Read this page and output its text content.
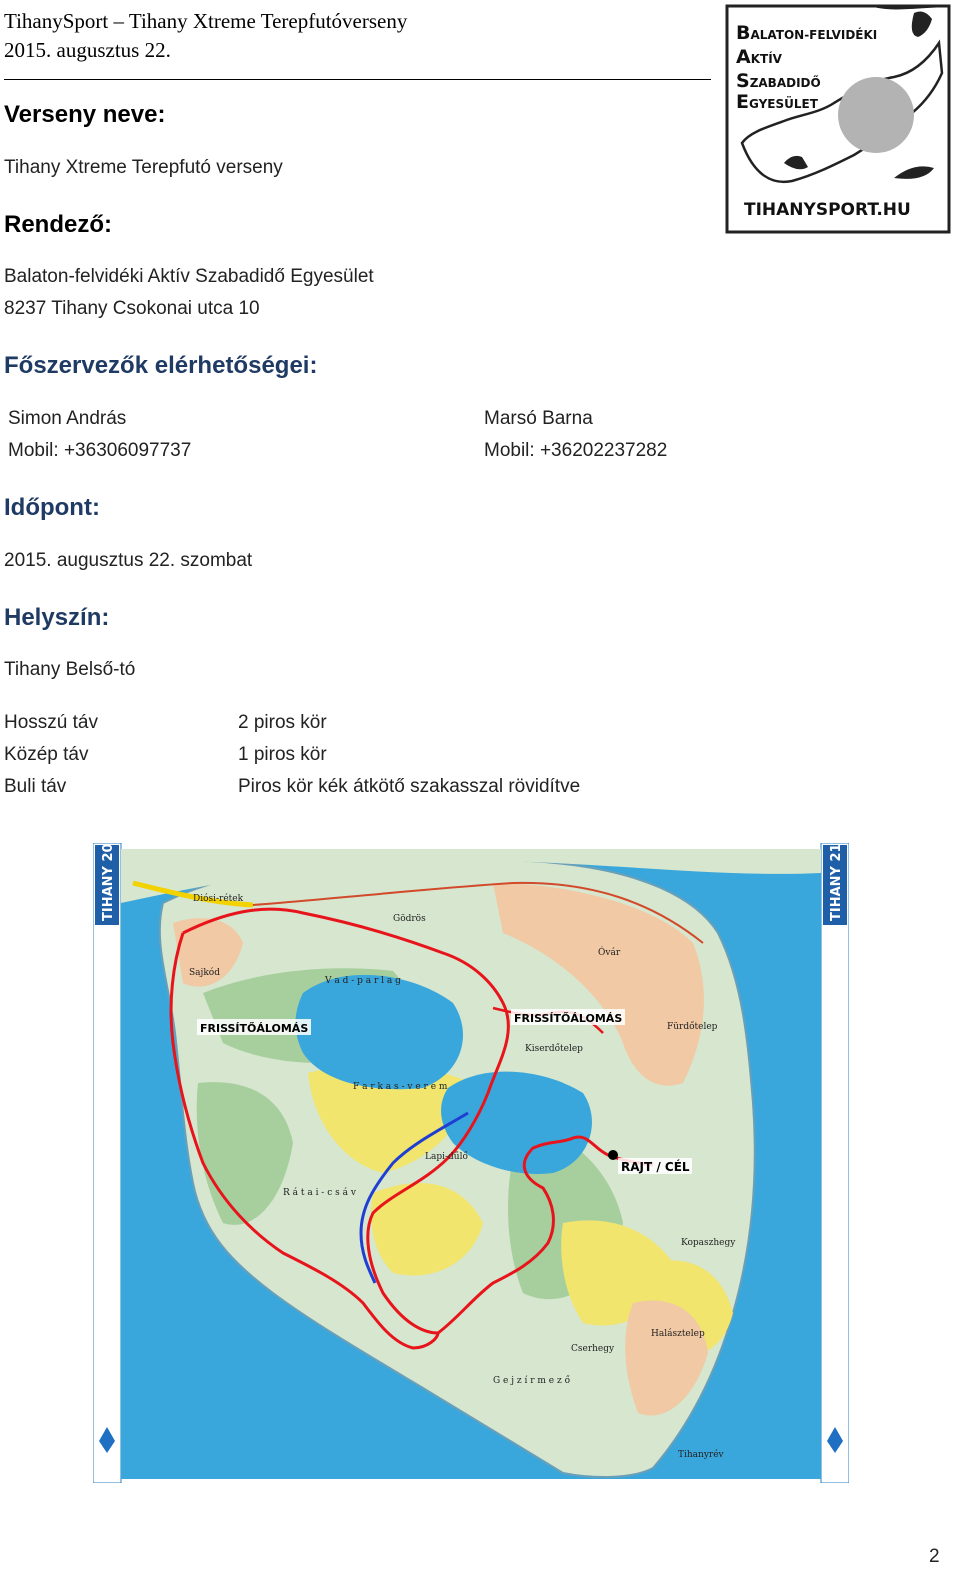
TihanySport – Tihany Xtreme Terepfutóverseny
2015. augusztus 22.
BALATON-FELVIDÉKI
AKTÍV
SZABADIDŐ
EGYESÜLET
TIHANYSPORT.HU
Verseny neve:
Tihany Xtreme Terepfutó verseny
Rendező:
Balaton-felvidéki Aktív Szabadidő Egyesület
8237 Tihany Csokonai utca 10
Főszervezők elérhetőségei:
Simon András
Mobil: +36306097737
Marsó Barna
Mobil: +36202237282
Időpont:
2015. augusztus 22. szombat
Helyszín:
Tihany Belső-tó
Hosszú táv	2 piros kör
Közép táv	1 piros kör
Buli táv	Piros kör kék átkötő szakasszal rövidítve
TIHANY 20	TIHANY 21
RAJT / CÉL
FRISSÍTŐÁLOMÁS
FRISSÍTŐÁLOMÁS
Diósi-rétek
V a d - p a r l a g
F a r k a s - v e r e m
R á t a i - c s á v
Sajkód
Gödrös
Óvár
Fürdőtelep
Kiserdőtelep
Kopaszhegy
Halásztelep
Cserhegy
Tihanyrév
Lapi-dűlő
G e j z í r m e z ő
2
